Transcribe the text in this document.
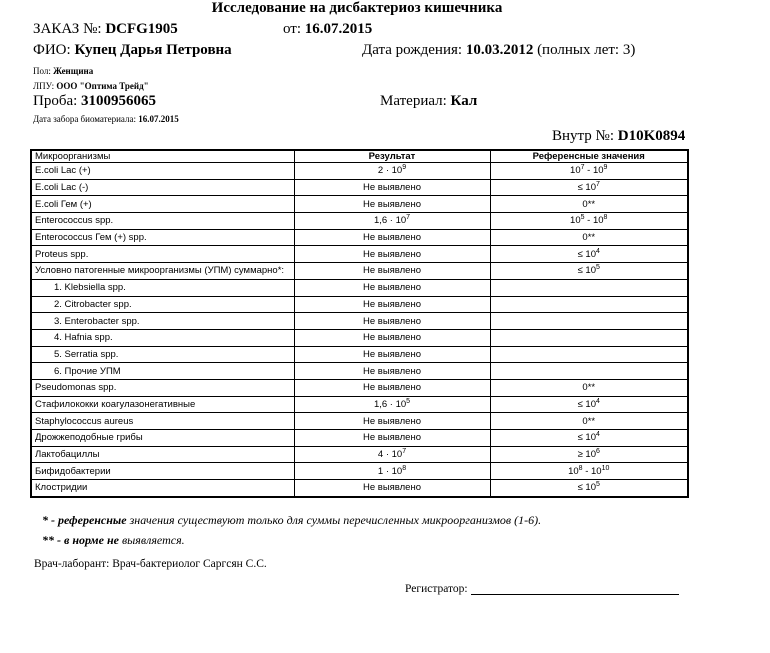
Исследование на дисбактериоз кишечника
ЗАКАЗ №: DCFG1905	от: 16.07.2015
ФИО: Купец Дарья Петровна	Дата рождения: 10.03.2012 (полных лет: 3)
Пол: Женщина
ЛПУ: ООО "Оптима Трейд"
Проба: 3100956065	Материал: Кал
Дата забора биоматериала: 16.07.2015
Внутр №: D10K0894
Микроорганизмы	Результат	Референсные значения
E.coli Lac (+)	$2 \cdot 10^9$	$10^7 - 10^9$
E.coli Lac (-)	Не выявлено	≤ $10^7$
E.coli Гем (+)	Не выявлено	0**
Enterococcus spp.	$1,6 \cdot 10^7$	$10^5 - 10^8$
Enterococcus Гем (+) spp.	Не выявлено	0**
Proteus spp.	Не выявлено	≤ $10^4$
Условно патогенные микроорганизмы (УПМ) суммарно*:	Не выявлено	≤ $10^5$
1. Klebsiella spp.	Не выявлено	
2. Citrobacter spp.	Не выявлено	
3. Enterobacter spp.	Не выявлено	
4. Hafnia spp.	Не выявлено	
5. Serratia spp.	Не выявлено	
6. Прочие УПМ	Не выявлено	
Pseudomonas spp.	Не выявлено	0**
Стафилококки коагулазонегативные	$1,6 \cdot 10^5$	≤ $10^4$
Staphylococcus aureus	Не выявлено	0**
Дрожжеподобные грибы	Не выявлено	≤ $10^4$
Лактобациллы	$4 \cdot 10^7$	≥ $10^6$
Бифидобактерии	$1 \cdot 10^8$	$10^8 - 10^{10}$
Клостридии	Не выявлено	≤ $10^5$
* - референсные значения существуют только для суммы перечисленных микроорганизмов (1-6).
** - в норме не выявляется.
Врач-лаборант: Врач-бактериолог Саргсян С.С.
Регистратор:
